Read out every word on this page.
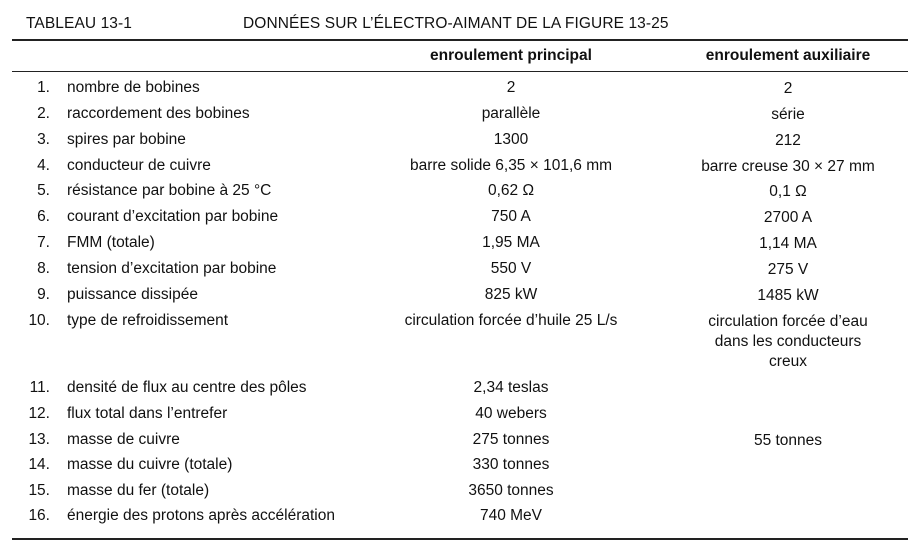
TABLEAU 13-1	DONNÉES SUR L’ÉLECTRO-AIMANT DE LA FIGURE 13-25
enroulement principal	enroulement auxiliaire
1. nombre de bobines	2	2
2. raccordement des bobines	parallèle	série
3. spires par bobine	1300	212
4. conducteur de cuivre	barre solide 6,35 × 101,6 mm	barre creuse 30 × 27 mm
5. résistance par bobine à 25 °C	0,62 Ω	0,1 Ω
6. courant d’excitation par bobine	750 A	2700 A
7. FMM (totale)	1,95 MA	1,14 MA
8. tension d’excitation par bobine	550 V	275 V
9. puissance dissipée	825 kW	1485 kW
10. type de refroidissement	circulation forcée d’huile 25 L/s	circulation forcée d’eau dans les conducteurs creux
11. densité de flux au centre des pôles	2,34 teslas
12. flux total dans l’entrefer	40 webers
13. masse de cuivre	275 tonnes	55 tonnes
14. masse du cuivre (totale)	330 tonnes
15. masse du fer (totale)	3650 tonnes
16. énergie des protons après accélération	740 MeV
